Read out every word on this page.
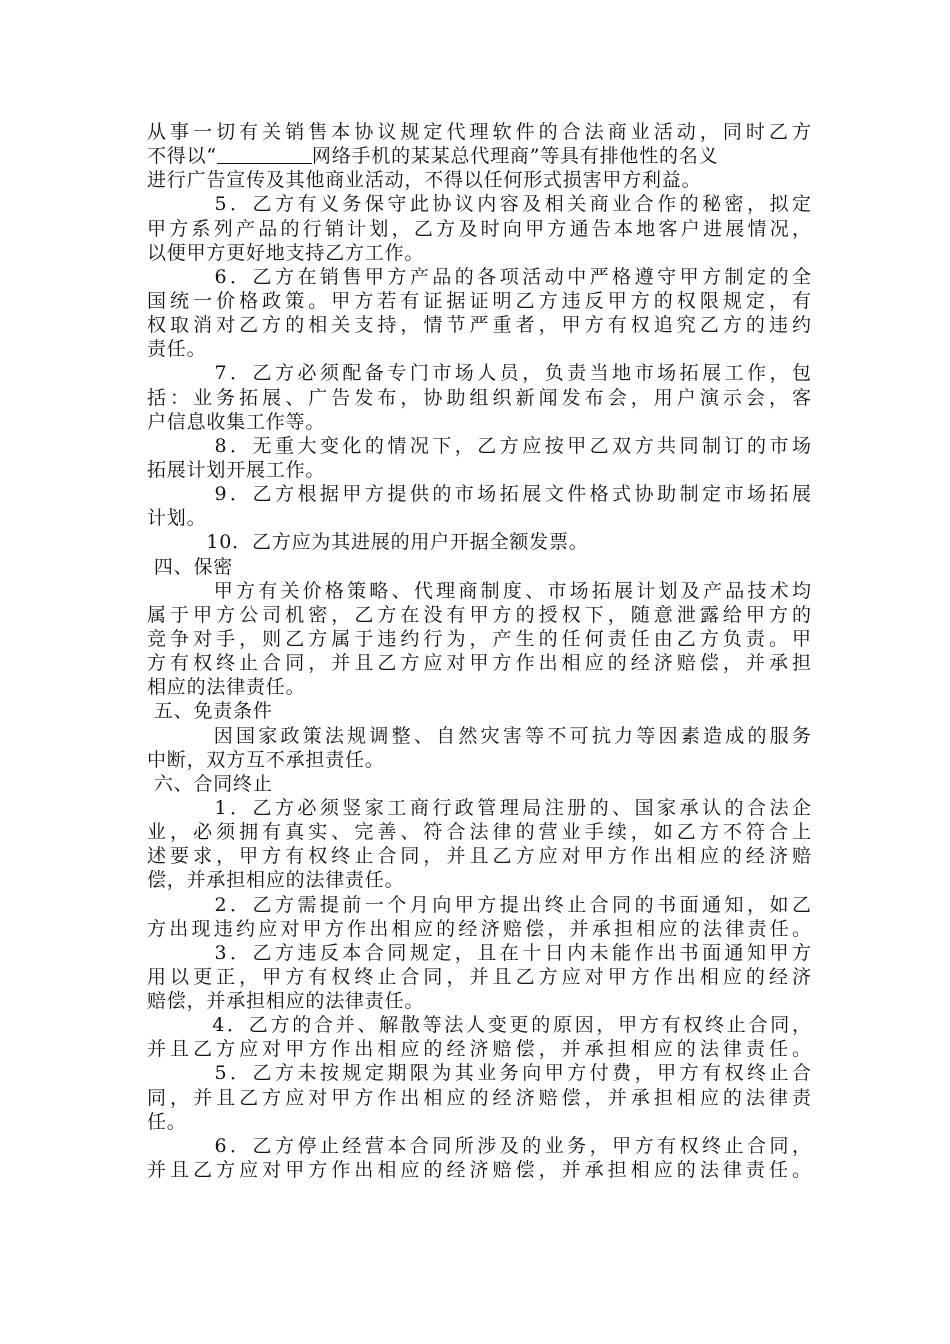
从事一切有关销售本协议规定代理软件的合法商业活动，同时乙方
不得以“	网络手机的某某总代理商”等具有排他性的名义
进行广告宣传及其他商业活动，不得以任何形式损害甲方利益。
　　　5．乙方有义务保守此协议内容及相关商业合作的秘密，拟定
甲方系列产品的行销计划，乙方及时向甲方通告本地客户进展情况，
以便甲方更好地支持乙方工作。
　　　6．乙方在销售甲方产品的各项活动中严格遵守甲方制定的全
国统一价格政策。甲方若有证据证明乙方违反甲方的权限规定，有
权取消对乙方的相关支持，情节严重者，甲方有权追究乙方的违约
责任。
　　　7．乙方必须配备专门市场人员，负责当地市场拓展工作，包
括：业务拓展、广告发布，协助组织新闻发布会，用户演示会，客
户信息收集工作等。
　　　8．无重大变化的情况下，乙方应按甲乙双方共同制订的市场
拓展计划开展工作。
　　　9．乙方根据甲方提供的市场拓展文件格式协助制定市场拓展
计划。
　　　10．乙方应为其进展的用户开据全额发票。
四、保密
　　　甲方有关价格策略、代理商制度、市场拓展计划及产品技术均
属于甲方公司机密，乙方在没有甲方的授权下，随意泄露给甲方的
竞争对手，则乙方属于违约行为，产生的任何责任由乙方负责。甲
方有权终止合同，并且乙方应对甲方作出相应的经济赔偿，并承担
相应的法律责任。
五、免责条件
　　　因国家政策法规调整、自然灾害等不可抗力等因素造成的服务
中断，双方互不承担责任。
六、合同终止
　　　1．乙方必须竖家工商行政管理局注册的、国家承认的合法企
业，必须拥有真实、完善、符合法律的营业手续，如乙方不符合上
述要求，甲方有权终止合同，并且乙方应对甲方作出相应的经济赔
偿，并承担相应的法律责任。
　　　2．乙方需提前一个月向甲方提出终止合同的书面通知，如乙
方出现违约应对甲方作出相应的经济赔偿，并承担相应的法律责任。
　　　3．乙方违反本合同规定，且在十日内未能作出书面通知甲方
用以更正，甲方有权终止合同，并且乙方应对甲方作出相应的经济
赔偿，并承担相应的法律责任。
　　　4．乙方的合并、解散等法人变更的原因，甲方有权终止合同，
并且乙方应对甲方作出相应的经济赔偿，并承担相应的法律责任。
　　　5．乙方未按规定期限为其业务向甲方付费，甲方有权终止合
同，并且乙方应对甲方作出相应的经济赔偿，并承担相应的法律责
任。
　　　6．乙方停止经营本合同所涉及的业务，甲方有权终止合同，
并且乙方应对甲方作出相应的经济赔偿，并承担相应的法律责任。
